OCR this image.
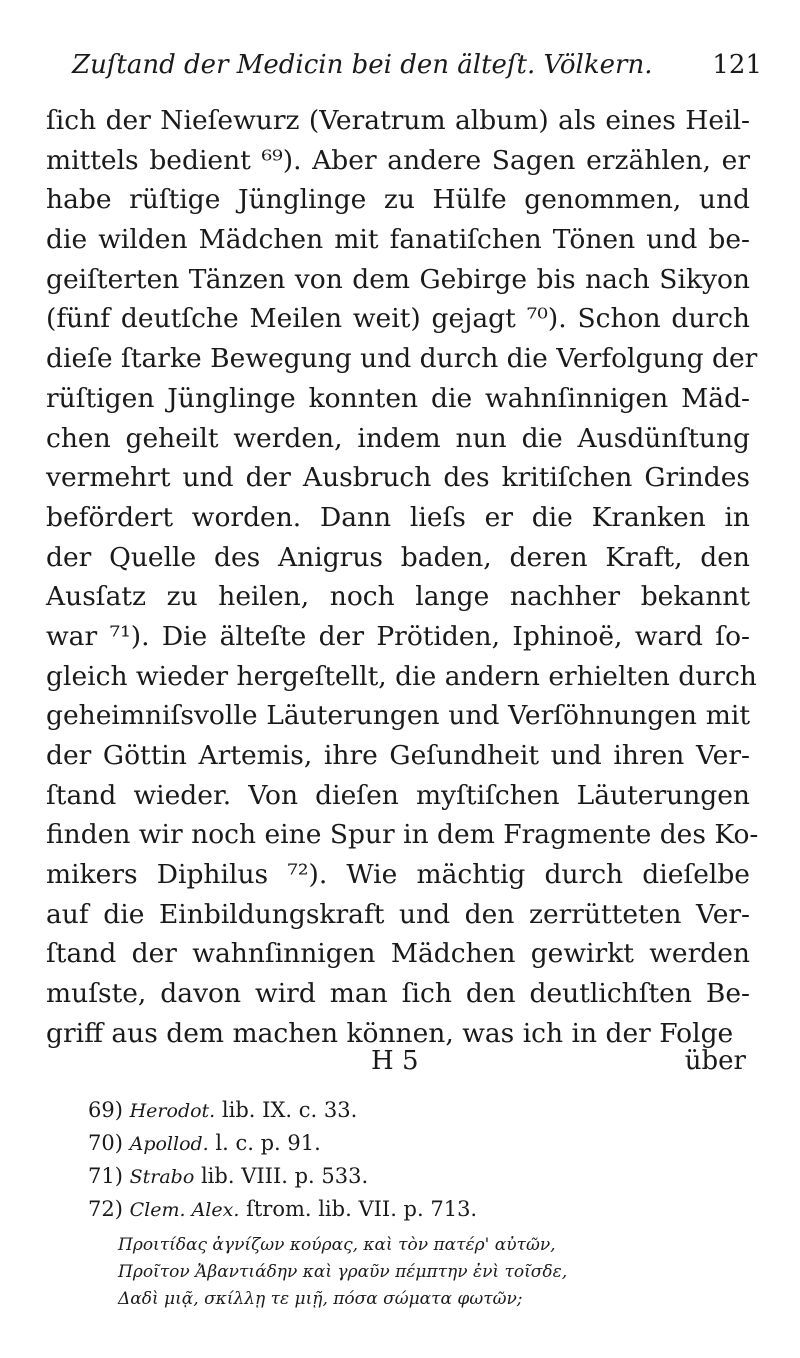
Zuſtand der Medicin bei den älteſt. Völkern. 121
ſich der Nieſewurz (Veratrum album) als eines Heil-
mittels bedient ⁶⁹). Aber andere Sagen erzählen, er
habe rüſtige Jünglinge zu Hülfe genommen, und
die wilden Mädchen mit fanatiſchen Tönen und be-
geiſterten Tänzen von dem Gebirge bis nach Sikyon
(fünf deutſche Meilen weit) gejagt ⁷⁰). Schon durch
dieſe ſtarke Bewegung und durch die Verfolgung der
rüſtigen Jünglinge konnten die wahnſinnigen Mäd-
chen geheilt werden, indem nun die Ausdünſtung
vermehrt und der Ausbruch des kritiſchen Grindes
befördert worden. Dann lieſs er die Kranken in
der Quelle des Anigrus baden, deren Kraft, den
Ausſatz zu heilen, noch lange nachher bekannt
war ⁷¹). Die älteſte der Prötiden, Iphinoë, ward ſo-
gleich wieder hergeſtellt, die andern erhielten durch
geheimniſsvolle Läuterungen und Verſöhnungen mit
der Göttin Artemis, ihre Geſundheit und ihren Ver-
ſtand wieder. Von dieſen myſtiſchen Läuterungen
finden wir noch eine Spur in dem Fragmente des Ko-
mikers Diphilus ⁷²). Wie mächtig durch dieſelbe
auf die Einbildungskraft und den zerrütteten Ver-
ſtand der wahnſinnigen Mädchen gewirkt werden
muſste, davon wird man ſich den deutlichſten Be-
griff aus dem machen können, was ich in der Folge
H 5	über
69) Herodot. lib. IX. c. 33.
70) Apollod. l. c. p. 91.
71) Strabo lib. VIII. p. 533.
72) Clem. Alex. ſtrom. lib. VII. p. 713.
Προιτίδας ἁγνίζων κούρας, καὶ τὸν πατέρ' αὐτῶν,
Προῖτον Ἀβαντιάδην καὶ γραῦν πέμπτην ἐνὶ τοῖσδε,
Δαδὶ μιᾷ, σκίλλῃ τε μιῇ, πόσα σώματα φωτῶν;
